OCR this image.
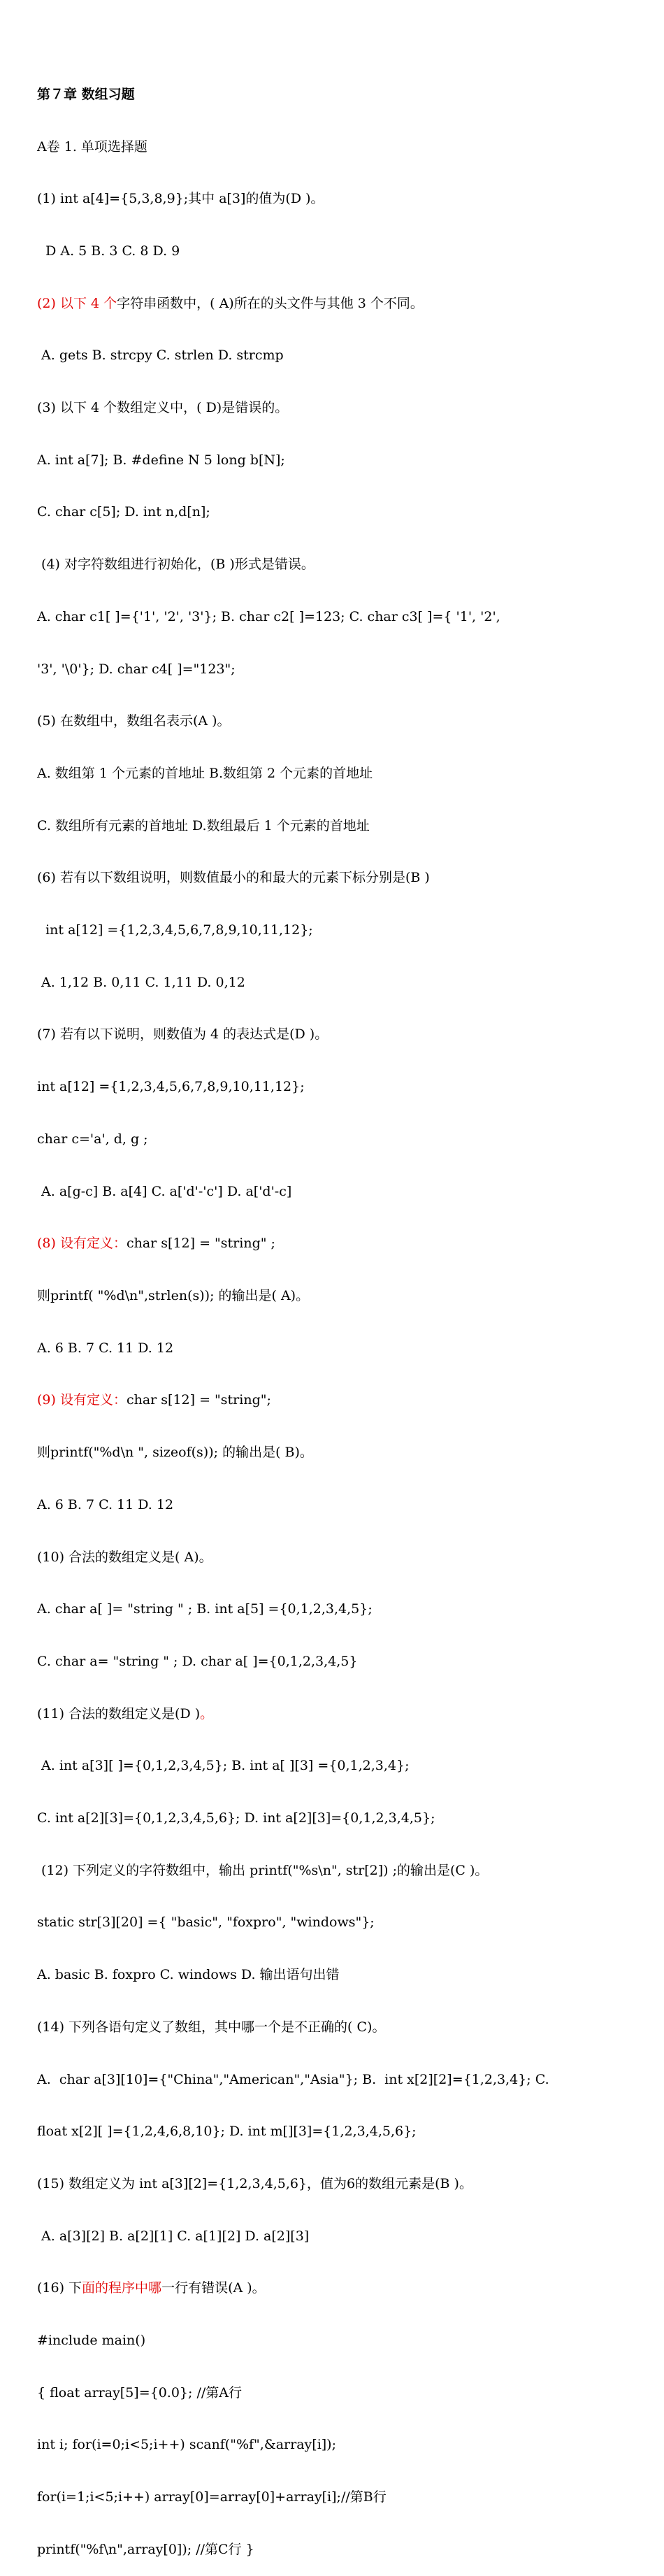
第７章 数组习题

A卷 1. 单项选择题

(1) int a[4]={5,3,8,9};其中 a[3]的值为(D )。

D A. 5 B. 3 C. 8 D. 9

(2) 以下 4 个字符串函数中，( A)所在的头文件与其他 3 个不同。

A. gets B. strcpy C. strlen D. strcmp

(3) 以下 4 个数组定义中，( D)是错误的。

A. int a[7]; B. #define N 5 long b[N];

C. char c[5]; D. int n,d[n];

(4) 对字符数组进行初始化，(B )形式是错误。

A. char c1[ ]={'1', '2', '3'}; B. char c2[ ]=123; C. char c3[ ]={ '1', '2',

'3', '\0'}; D. char c4[ ]="123";

(5) 在数组中，数组名表示(A )。

A. 数组第 1 个元素的首地址 B.数组第 2 个元素的首地址

C. 数组所有元素的首地址 D.数组最后 1 个元素的首地址

(6) 若有以下数组说明，则数值最小的和最大的元素下标分别是(B )

int a[12] ={1,2,3,4,5,6,7,8,9,10,11,12};

A. 1,12 B. 0,11 C. 1,11 D. 0,12

(7) 若有以下说明，则数值为 4 的表达式是(D )。

int a[12] ={1,2,3,4,5,6,7,8,9,10,11,12};

char c='a', d, g ;

A. a[g-c] B. a[4] C. a['d'-'c'] D. a['d'-c]

(8) 设有定义：char s[12] = "string" ;

则printf( "%d\n",strlen(s)); 的输出是( A)。

A. 6 B. 7 C. 11 D. 12

(9) 设有定义：char s[12] = "string";

则printf("%d\n ", sizeof(s)); 的输出是( B)。

A. 6 B. 7 C. 11 D. 12

(10) 合法的数组定义是( A)。

A. char a[ ]= "string " ; B. int a[5] ={0,1,2,3,4,5};

C. char a= "string " ; D. char a[ ]={0,1,2,3,4,5}

(11) 合法的数组定义是(D )。

A. int a[3][ ]={0,1,2,3,4,5}; B. int a[ ][3] ={0,1,2,3,4};

C. int a[2][3]={0,1,2,3,4,5,6}; D. int a[2][3]={0,1,2,3,4,5};

(12) 下列定义的字符数组中，输出 printf("%s\n", str[2]) ;的输出是(C )。

static str[3][20] ={ "basic", "foxpro", "windows"};

A. basic B. foxpro C. windows D. 输出语句出错

(14) 下列各语句定义了数组，其中哪一个是不正确的( C)。

A.  char a[3][10]={"China","American","Asia"}; B.  int x[2][2]={1,2,3,4}; C.

float x[2][ ]={1,2,4,6,8,10}; D. int m[][3]={1,2,3,4,5,6};

(15) 数组定义为 int a[3][2]={1,2,3,4,5,6}，值为6的数组元素是(B )。

A. a[3][2] B. a[2][1] C. a[1][2] D. a[2][3]

(16) 下面的程序中哪一行有错误(A )。

#include main()

{ float array[5]={0.0}; //第A行

int i; for(i=0;i<5;i++) scanf("%f",&array[i]);

for(i=1;i<5;i++) array[0]=array[0]+array[i];//第B行

printf("%f\n",array[0]); //第C行 }
